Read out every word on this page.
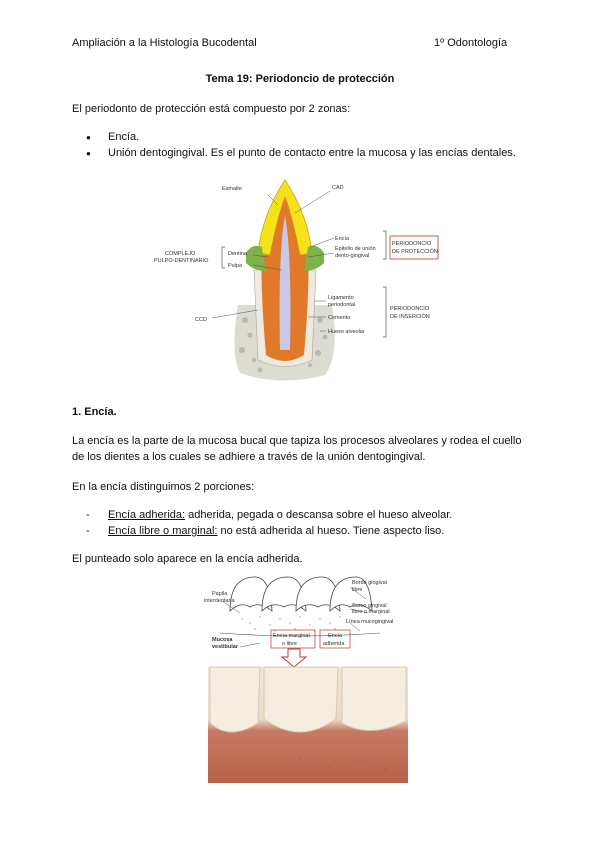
Ampliación a la Histología Bucodental	1º Odontología
Tema 19: Periodoncio de protección
El periodonto de protección está compuesto por 2 zonas:
● Encía.
● Unión dentogingival. Es el punto de contacto entre la mucosa y las encías dentales.
Esmalte	CAD
COMPLEJO
PULPO-DENTINARIO
Dentina
Pulpa
Encía
Epitelio de unión
dento-gingival
PERIODONCIO
DE PROTECCIÓN
Ligamento
periodontal
Cemento
Hueso alveolar
PERIODONCIO
DE INSERCIÓN
CCD
1. Encía.
La encía es la parte de la mucosa bucal que tapiza los procesos alveolares y rodea el cuello
de los dientes a los cuales se adhiere a través de la unión dentogingival.
En la encía distinguimos 2 porciones:
- Encía adherida: adherida, pegada o descansa sobre el hueso alveolar.
- Encía libre o marginal: no está adherida al hueso. Tiene aspecto liso.
El punteado solo aparece en la encía adherida.
Papila
interdentaria
Borde gingival
libre
Surco gingival
libre o marginal
Línea mucogingival
Mucosa
vestibular
Encía marginal
o libre
Encía
adherida
